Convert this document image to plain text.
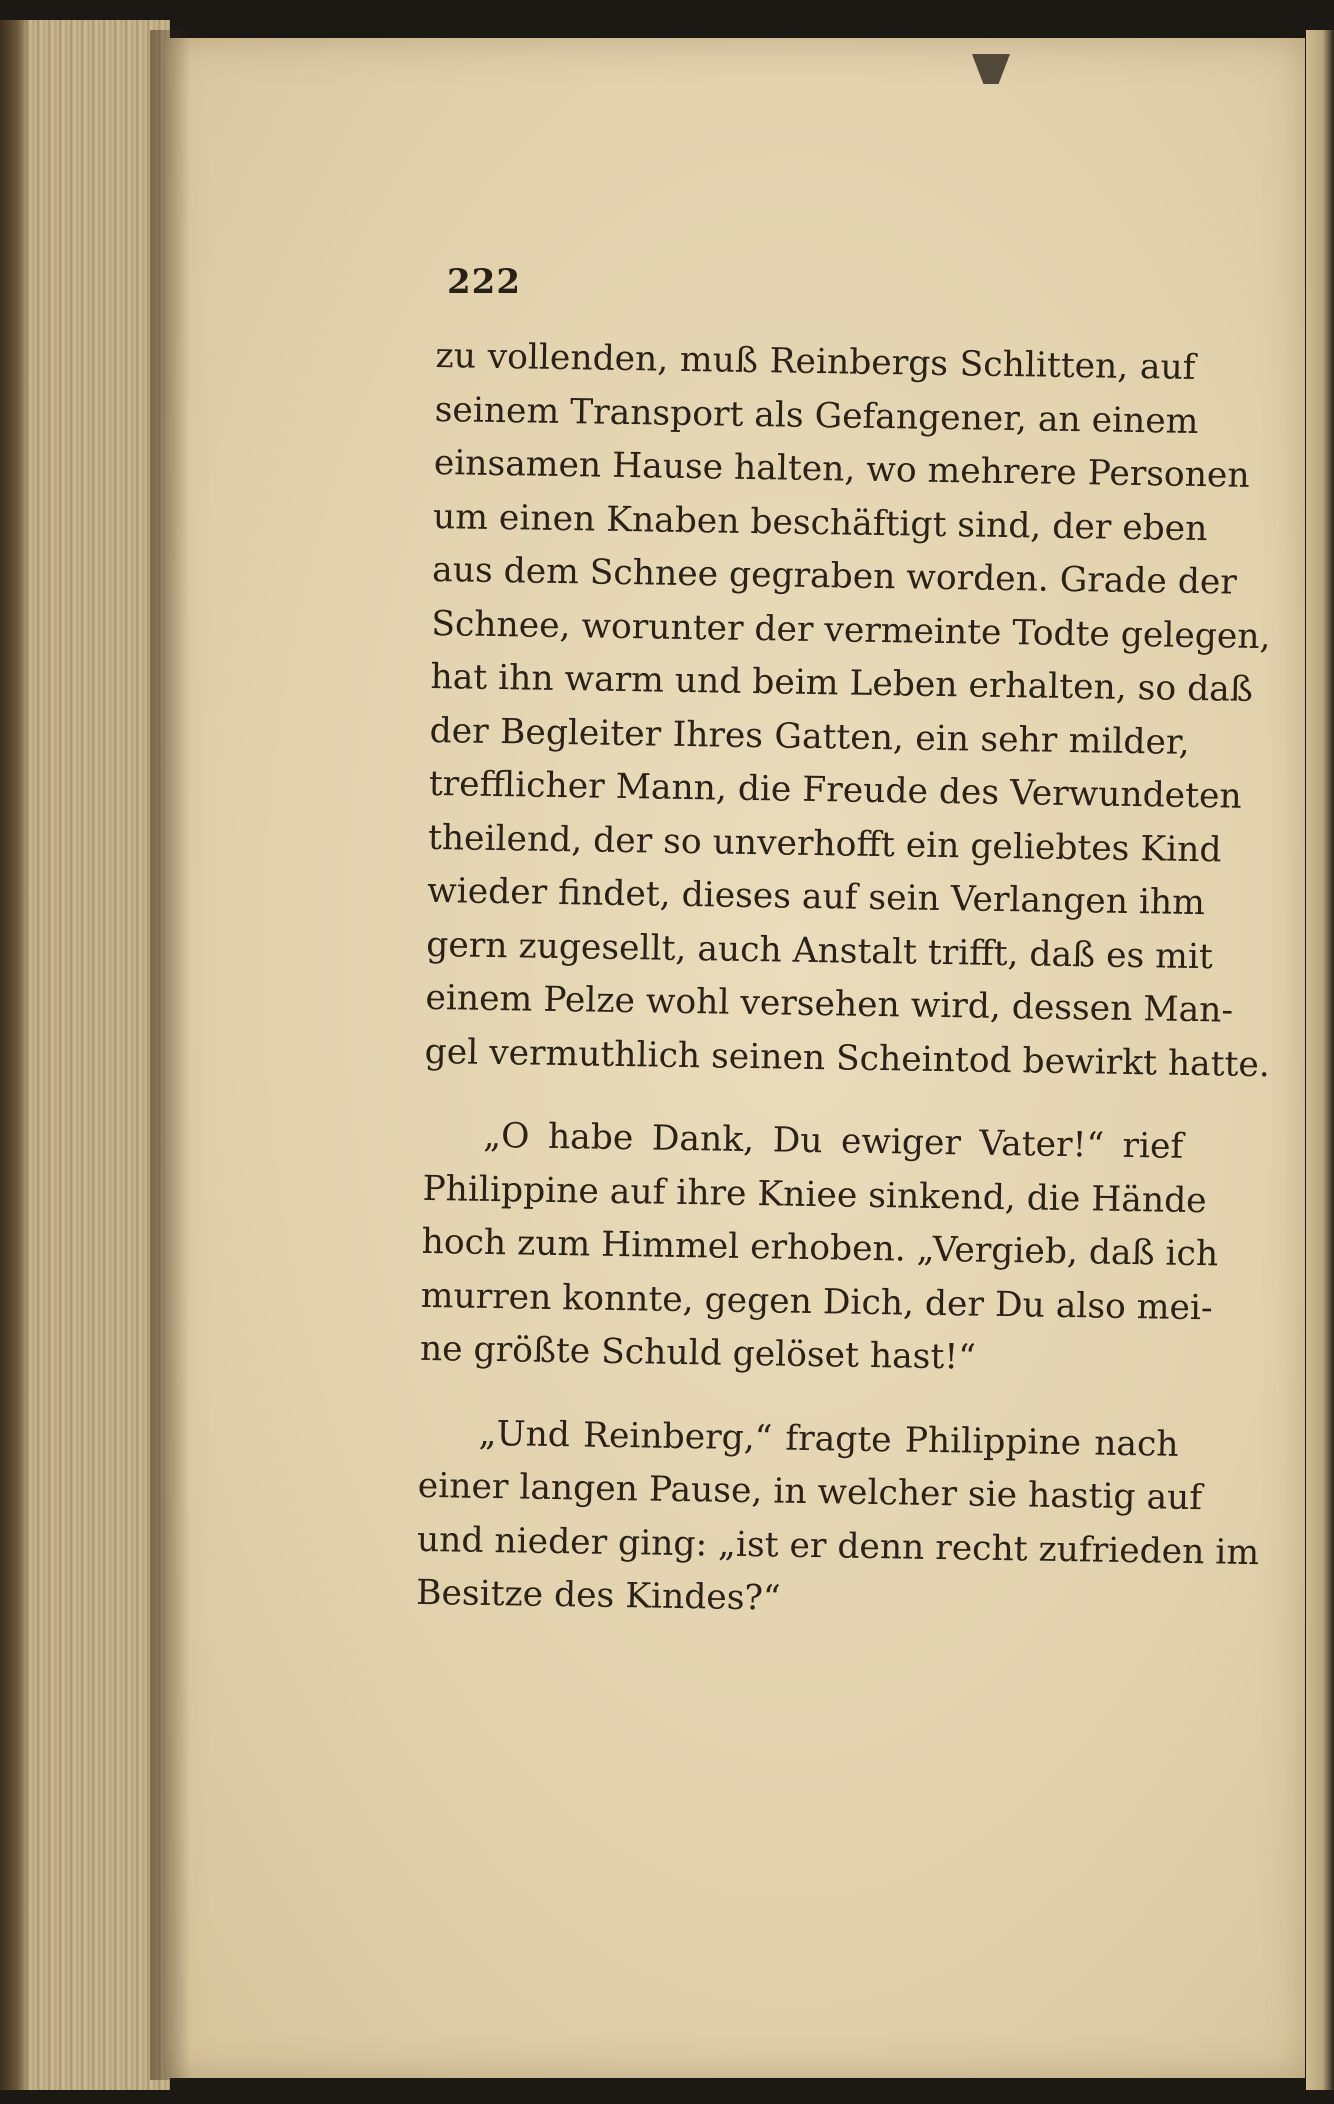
222
zu vollenden, muß Reinbergs Schlitten, auf
seinem Transport als Gefangener, an einem
einsamen Hause halten, wo mehrere Personen
um einen Knaben beschäftigt sind, der eben
aus dem Schnee gegraben worden. Grade der
Schnee, worunter der vermeinte Todte gelegen,
hat ihn warm und beim Leben erhalten, so daß
der Begleiter Ihres Gatten, ein sehr milder,
trefflicher Mann, die Freude des Verwundeten
theilend, der so unverhofft ein geliebtes Kind
wieder findet, dieses auf sein Verlangen ihm
gern zugesellt, auch Anstalt trifft, daß es mit
einem Pelze wohl versehen wird, dessen Man-
gel vermuthlich seinen Scheintod bewirkt hatte.
„O habe Dank, Du ewiger Vater!“ rief
Philippine auf ihre Kniee sinkend, die Hände
hoch zum Himmel erhoben. „Vergieb, daß ich
murren konnte, gegen Dich, der Du also mei-
ne größte Schuld gelöset hast!“
„Und Reinberg,“ fragte Philippine nach
einer langen Pause, in welcher sie hastig auf
und nieder ging: „ist er denn recht zufrieden im
Besitze des Kindes?“
